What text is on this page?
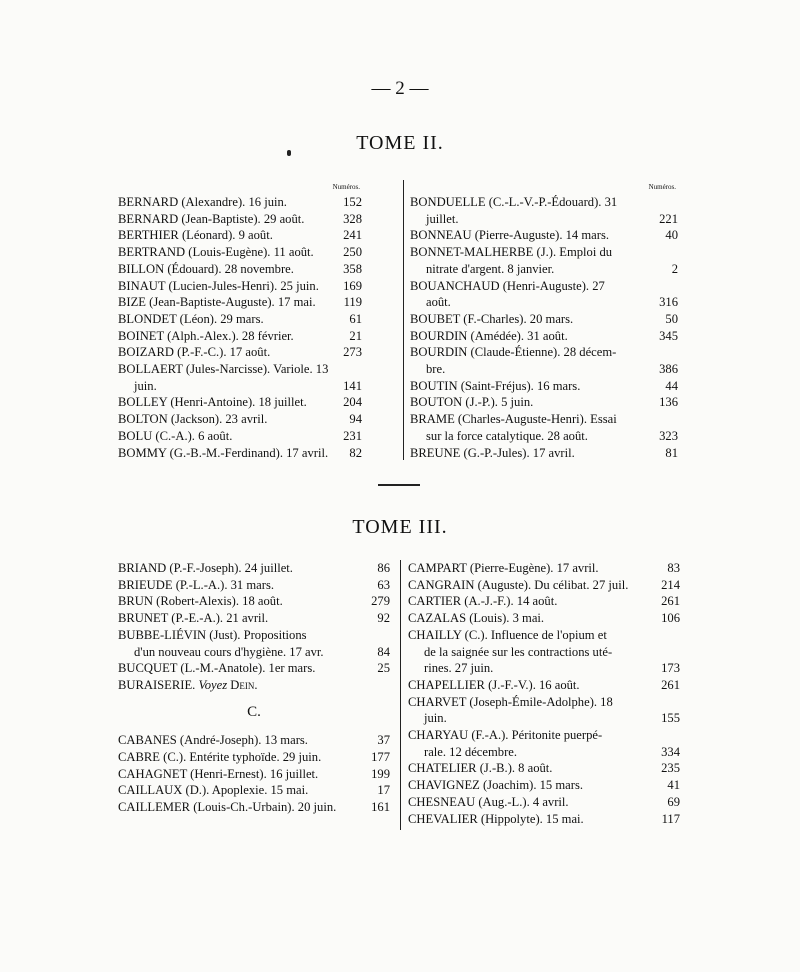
— 2 —
TOME II.
Numéros.
BERNARD (Alexandre). 16 juin.	152
BERNARD (Jean-Baptiste). 29 août.	328
BERTHIER (Léonard). 9 août.	241
BERTRAND (Louis-Eugène). 11 août.	250
BILLON (Édouard). 28 novembre.	358
BINAUT (Lucien-Jules-Henri). 25 juin.	169
BIZE (Jean-Baptiste-Auguste). 17 mai.	119
BLONDET (Léon). 29 mars.	61
BOINET (Alph.-Alex.). 28 février.	21
BOIZARD (P.-F.-C.). 17 août.	273
BOLLAERT (Jules-Narcisse). Variole. 13
juin.	141
BOLLEY (Henri-Antoine). 18 juillet.	204
BOLTON (Jackson). 23 avril.	94
BOLU (C.-A.). 6 août.	231
BOMMY (G.-B.-M.-Ferdinand). 17 avril.	82
Numéros.
BONDUELLE (C.-L.-V.-P.-Édouard). 31
juillet.	221
BONNEAU (Pierre-Auguste). 14 mars.	40
BONNET-MALHERBE (J.). Emploi du
nitrate d'argent. 8 janvier.	2
BOUANCHAUD (Henri-Auguste). 27
août.	316
BOUBET (F.-Charles). 20 mars.	50
BOURDIN (Amédée). 31 août.	345
BOURDIN (Claude-Étienne). 28 décem-
bre.	386
BOUTIN (Saint-Fréjus). 16 mars.	44
BOUTON (J.-P.). 5 juin.	136
BRAME (Charles-Auguste-Henri). Essai
sur la force catalytique. 28 août.	323
BREUNE (G.-P.-Jules). 17 avril.	81
TOME III.
BRIAND (P.-F.-Joseph). 24 juillet.	86
BRIEUDE (P.-L.-A.). 31 mars.	63
BRUN (Robert-Alexis). 18 août.	279
BRUNET (P.-E.-A.). 21 avril.	92
BUBBE-LIÉVIN (Just). Propositions
d'un nouveau cours d'hygiène. 17 avr.	84
BUCQUET (L.-M.-Anatole). 1er mars.	25
BURAISERIE. Voyez Dein.
C.
CABANES (André-Joseph). 13 mars.	37
CABRE (C.). Entérite typhoïde. 29 juin.	177
CAHAGNET (Henri-Ernest). 16 juillet.	199
CAILLAUX (D.). Apoplexie. 15 mai.	17
CAILLEMER (Louis-Ch.-Urbain). 20 juin.	161
CAMPART (Pierre-Eugène). 17 avril.	83
CANGRAIN (Auguste). Du célibat. 27 juil.	214
CARTIER (A.-J.-F.). 14 août.	261
CAZALAS (Louis). 3 mai.	106
CHAILLY (C.). Influence de l'opium et
de la saignée sur les contractions uté-
rines. 27 juin.	173
CHAPELLIER (J.-F.-V.). 16 août.	261
CHARVET (Joseph-Émile-Adolphe). 18
juin.	155
CHARYAU (F.-A.). Péritonite puerpé-
rale. 12 décembre.	334
CHATELIER (J.-B.). 8 août.	235
CHAVIGNEZ (Joachim). 15 mars.	41
CHESNEAU (Aug.-L.). 4 avril.	69
CHEVALIER (Hippolyte). 15 mai.	117
